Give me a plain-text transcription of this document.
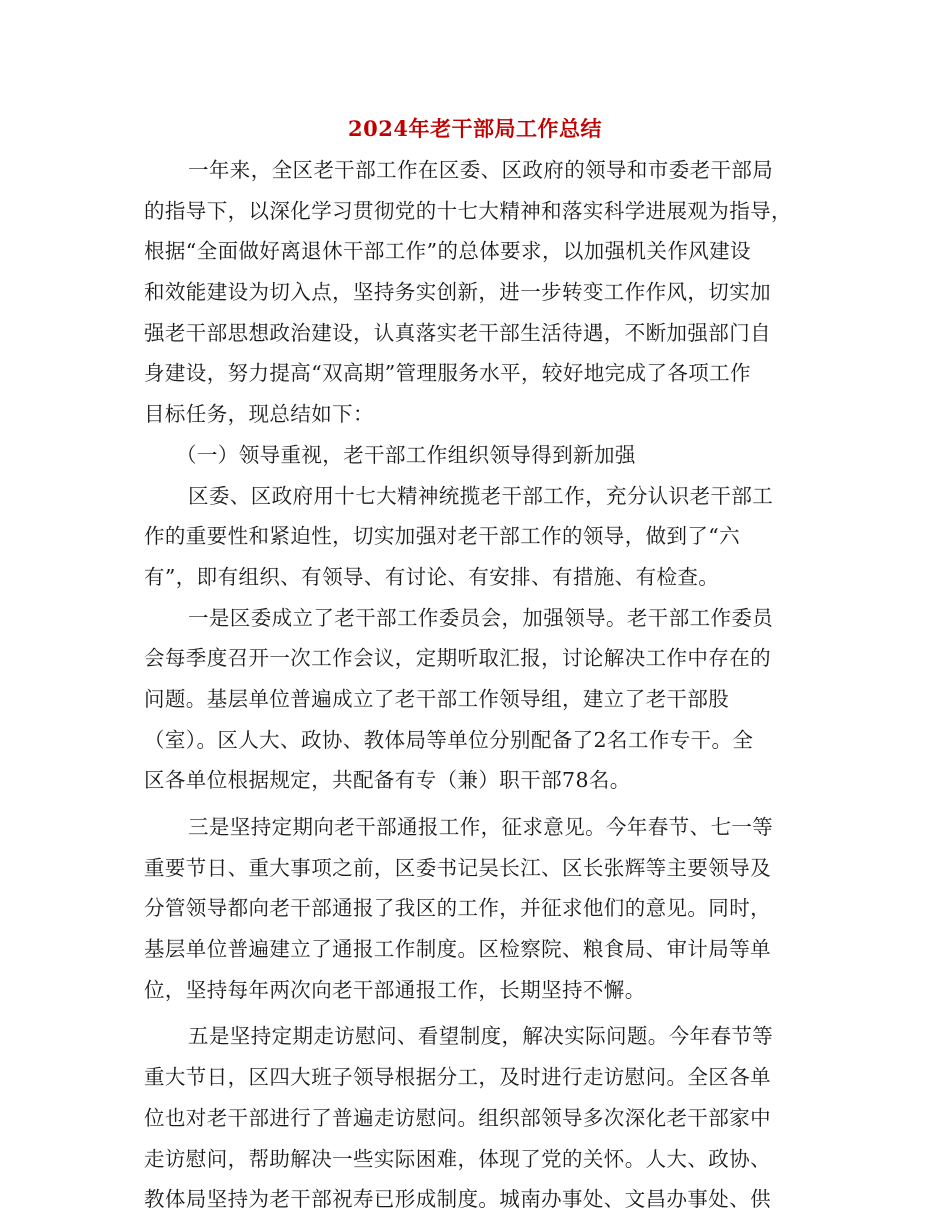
2024年老干部局工作总结
一年来，全区老干部工作在区委、区政府的领导和市委老干部局
的指导下，以深化学习贯彻党的十七大精神和落实科学进展观为指导，
根据“全面做好离退休干部工作”的总体要求，以加强机关作风建设
和效能建设为切入点，坚持务实创新，进一步转变工作作风，切实加
强老干部思想政治建设，认真落实老干部生活待遇，不断加强部门自
身建设，努力提高“双高期”管理服务水平，较好地完成了各项工作
目标任务，现总结如下：
（一）领导重视，老干部工作组织领导得到新加强
区委、区政府用十七大精神统揽老干部工作，充分认识老干部工
作的重要性和紧迫性，切实加强对老干部工作的领导，做到了“六
有”，即有组织、有领导、有讨论、有安排、有措施、有检查。
一是区委成立了老干部工作委员会，加强领导。老干部工作委员
会每季度召开一次工作会议，定期听取汇报，讨论解决工作中存在的
问题。基层单位普遍成立了老干部工作领导组，建立了老干部股
（室）。区人大、政协、教体局等单位分别配备了2名工作专干。全
区各单位根据规定，共配备有专（兼）职干部78名。
三是坚持定期向老干部通报工作，征求意见。今年春节、七一等
重要节日、重大事项之前，区委书记吴长江、区长张辉等主要领导及
分管领导都向老干部通报了我区的工作，并征求他们的意见。同时，
基层单位普遍建立了通报工作制度。区检察院、粮食局、审计局等单
位，坚持每年两次向老干部通报工作，长期坚持不懈。
五是坚持定期走访慰问、看望制度，解决实际问题。今年春节等
重大节日，区四大班子领导根据分工，及时进行走访慰问。全区各单
位也对老干部进行了普遍走访慰问。组织部领导多次深化老干部家中
走访慰问，帮助解决一些实际困难，体现了党的关怀。人大、政协、
教体局坚持为老干部祝寿已形成制度。城南办事处、文昌办事处、供
